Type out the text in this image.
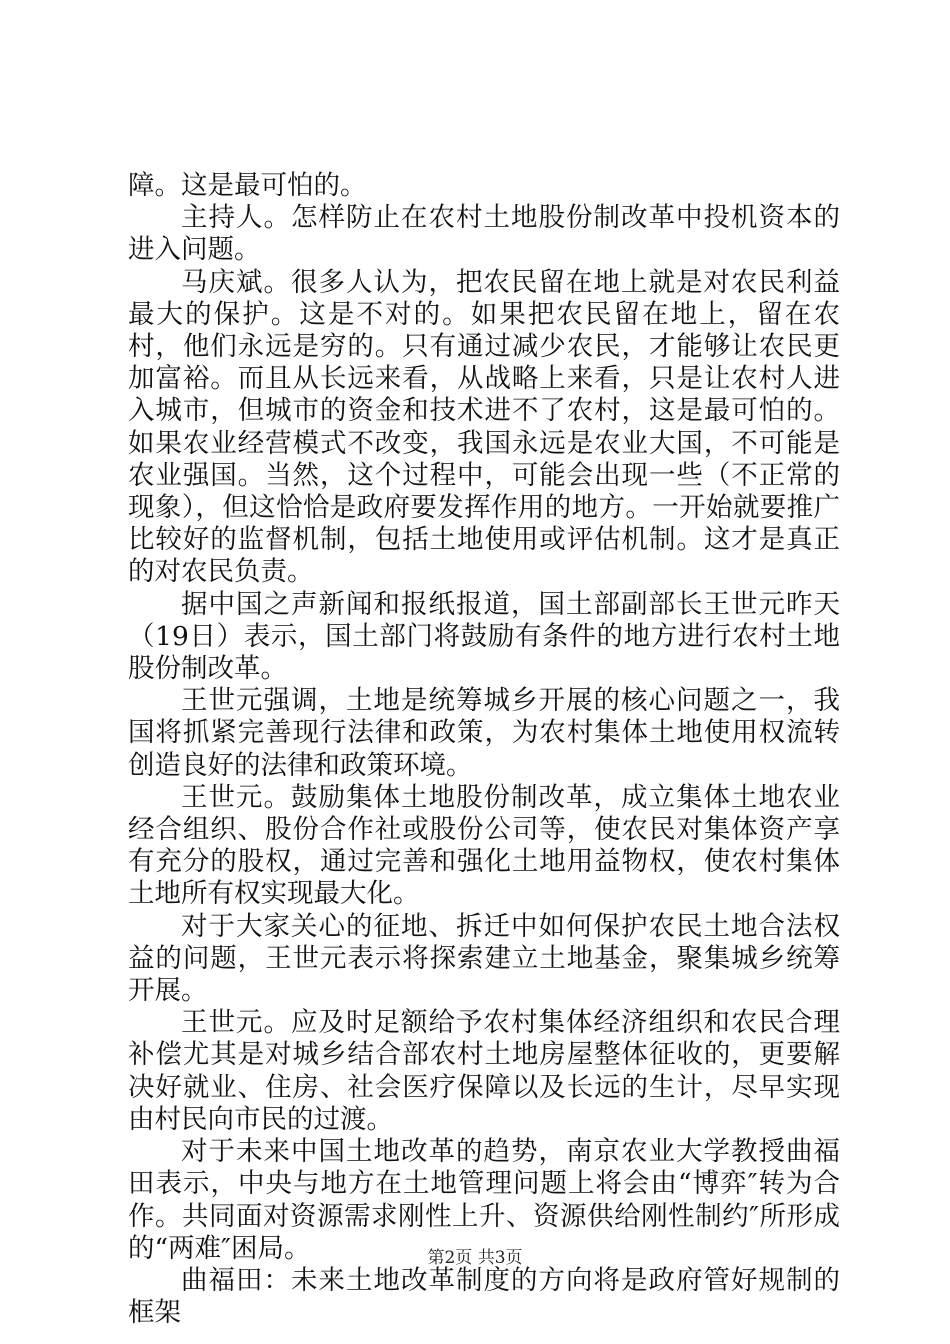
障。这是最可怕的。

主持人。怎样防止在农村土地股份制改革中投机资本的进入问题。

马庆斌。很多人认为，把农民留在地上就是对农民利益最大的保护。这是不对的。如果把农民留在地上，留在农村，他们永远是穷的。只有通过减少农民，才能够让农民更加富裕。而且从长远来看，从战略上来看，只是让农村人进入城市，但城市的资金和技术进不了农村，这是最可怕的。如果农业经营模式不改变，我国永远是农业大国，不可能是农业强国。当然，这个过程中，可能会出现一些（不正常的现象），但这恰恰是政府要发挥作用的地方。一开始就要推广比较好的监督机制，包括土地使用或评估机制。这才是真正的对农民负责。

据中国之声新闻和报纸报道，国土部副部长王世元昨天（19日）表示，国土部门将鼓励有条件的地方进行农村土地股份制改革。

王世元强调，土地是统筹城乡开展的核心问题之一，我国将抓紧完善现行法律和政策，为农村集体土地使用权流转创造良好的法律和政策环境。

王世元。鼓励集体土地股份制改革，成立集体土地农业经合组织、股份合作社或股份公司等，使农民对集体资产享有充分的股权，通过完善和强化土地用益物权，使农村集体土地所有权实现最大化。

对于大家关心的征地、拆迁中如何保护农民土地合法权益的问题，王世元表示将探索建立土地基金，聚集城乡统筹开展。

王世元。应及时足额给予农村集体经济组织和农民合理补偿尤其是对城乡结合部农村土地房屋整体征收的，更要解决好就业、住房、社会医疗保障以及长远的生计，尽早实现由村民向市民的过渡。

对于未来中国土地改革的趋势，南京农业大学教授曲福田表示，中央与地方在土地管理问题上将会由“博弈″转为合作。共同面对资源需求刚性上升、资源供给刚性制约″所形成的“两难″困局。

曲福田：未来土地改革制度的方向将是政府管好规制的框架

第2页 共3页
